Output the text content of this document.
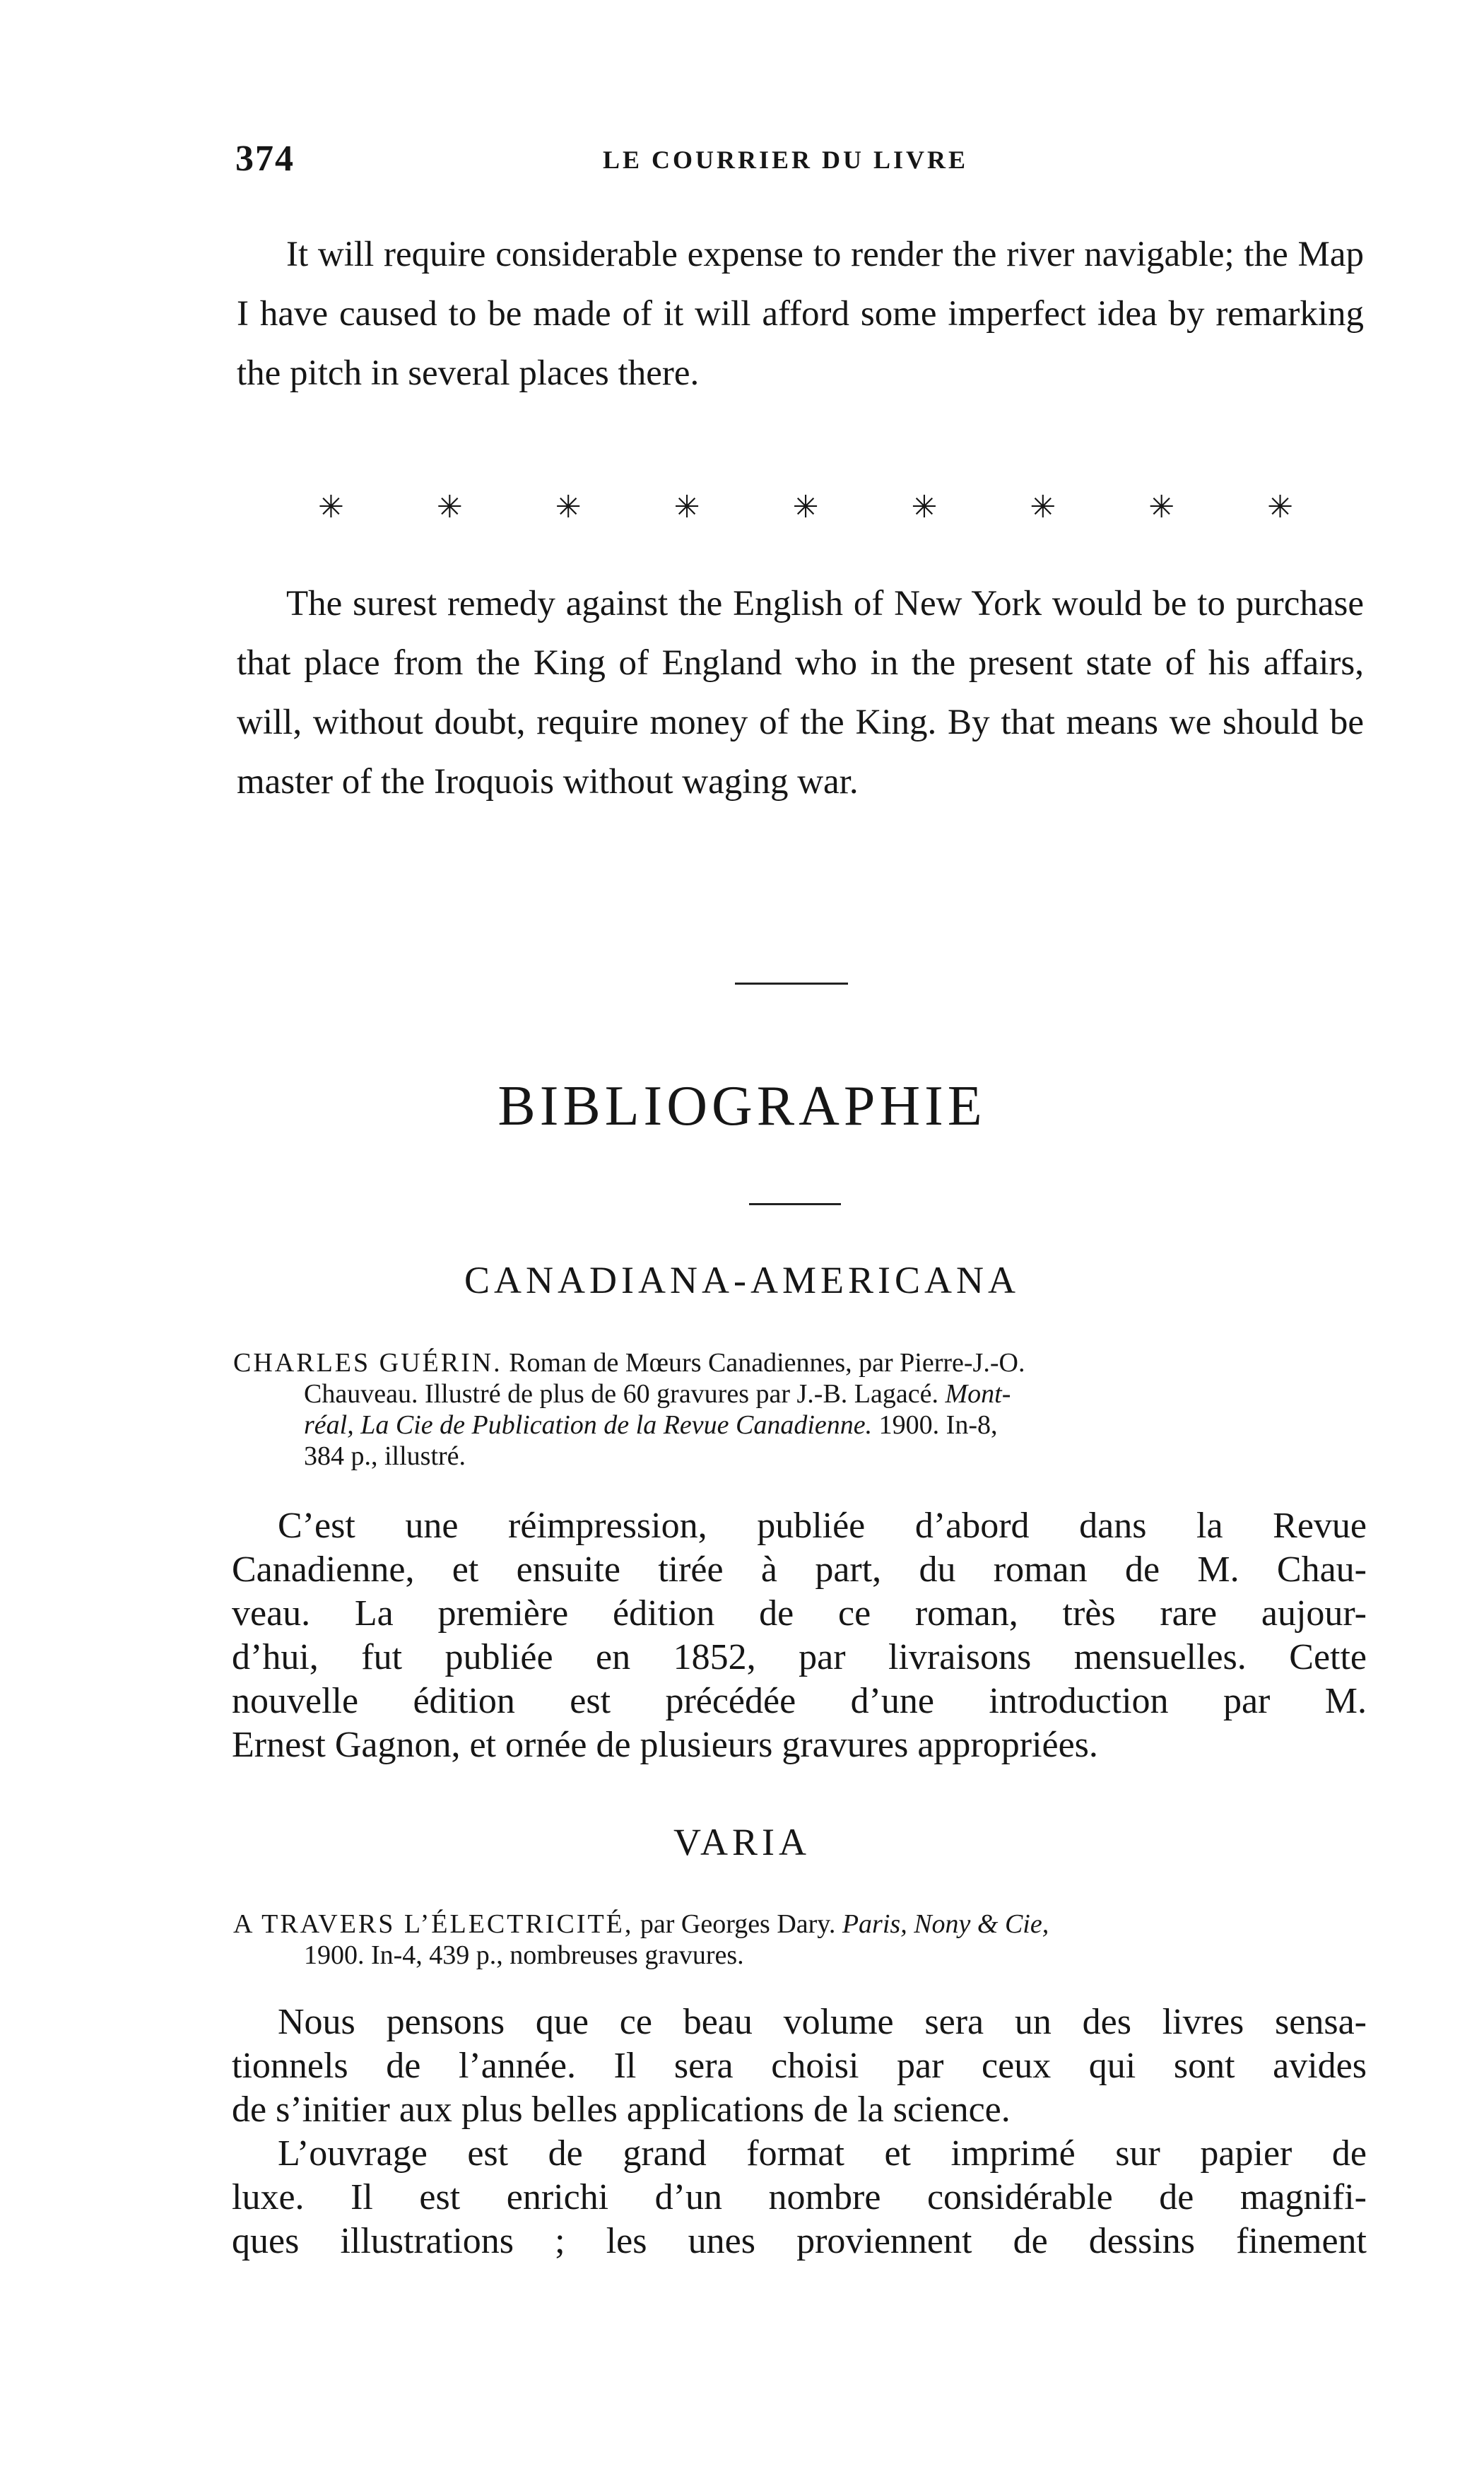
374	LE COURRIER DU LIVRE

It will require considerable expense to render the river navigable; the Map I have caused to be made of it will afford some imperfect idea by remarking the pitch in several places there.

✳	✳	✳	✳	✳	✳	✳	✳	✳

The surest remedy against the English of New York would be to purchase that place from the King of England who in the present state of his affairs, will, without doubt, require money of the King. By that means we should be master of the Iroquois without waging war.

BIBLIOGRAPHIE
CANADIANA-AMERICANA
CHARLES GUÉRIN. Roman de Mœurs Canadiennes, par Pierre-J.-O.
Chauveau. Illustré de plus de 60 gravures par J.-B. Lagacé. Mont-
réal, La Cie de Publication de la Revue Canadienne. 1900. In-8,
384 p., illustré.
C’est une réimpression, publiée d’abord dans la Revue
Canadienne, et ensuite tirée à part, du roman de M. Chau-
veau. La première édition de ce roman, très rare aujour-
d’hui, fut publiée en 1852, par livraisons mensuelles. Cette
nouvelle édition est précédée d’une introduction par M.
Ernest Gagnon, et ornée de plusieurs gravures appropriées.
VARIA
A TRAVERS L’ÉLECTRICITÉ, par Georges Dary. Paris, Nony & Cie,
1900. In-4, 439 p., nombreuses gravures.
Nous pensons que ce beau volume sera un des livres sensa-
tionnels de l’année. Il sera choisi par ceux qui sont avides
de s’initier aux plus belles applications de la science.
L’ouvrage est de grand format et imprimé sur papier de
luxe. Il est enrichi d’un nombre considérable de magnifi-
ques illustrations ; les unes proviennent de dessins finement
